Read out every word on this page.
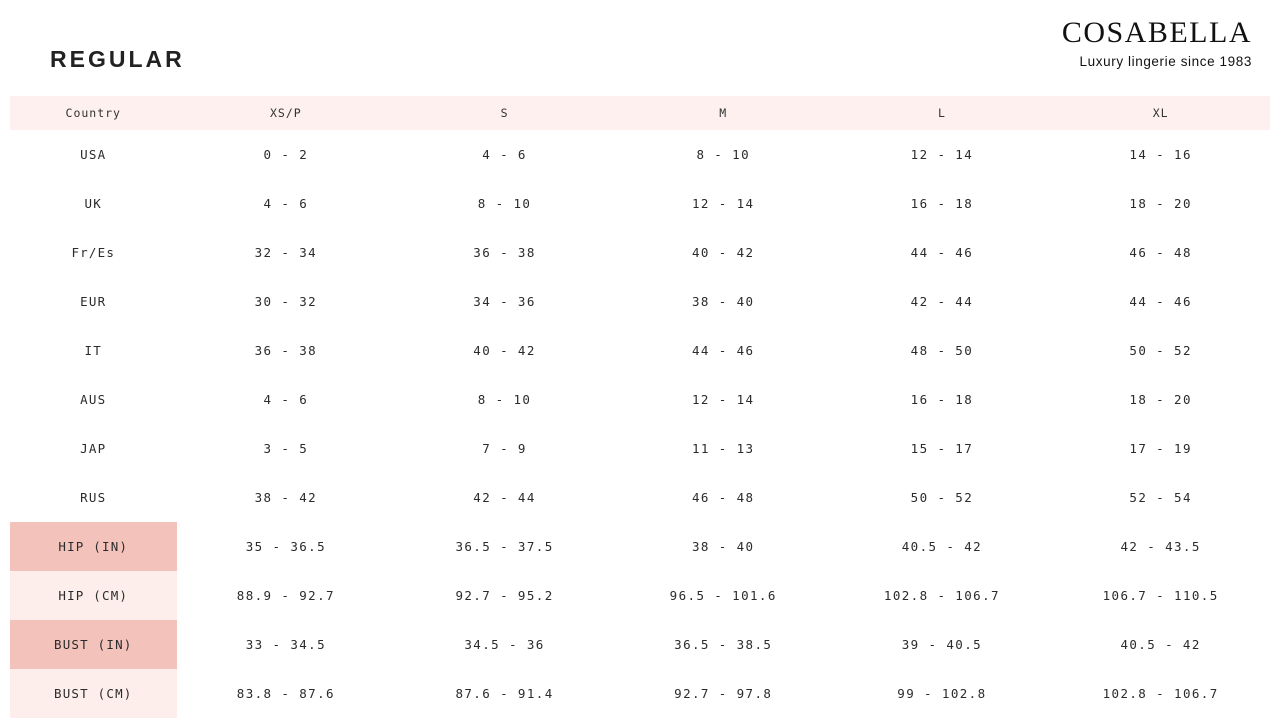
REGULAR
COSABELLA
Luxury lingerie since 1983
Country	XS/P	S	M	L	XL
USA	0 - 2	4 - 6	8 - 10	12 - 14	14 - 16
UK	4 - 6	8 - 10	12 - 14	16 - 18	18 - 20
Fr/Es	32 - 34	36 - 38	40 - 42	44 - 46	46 - 48
EUR	30 - 32	34 - 36	38 - 40	42 - 44	44 - 46
IT	36 - 38	40 - 42	44 - 46	48 - 50	50 - 52
AUS	4 - 6	8 - 10	12 - 14	16 - 18	18 - 20
JAP	3 - 5	7 - 9	11 - 13	15 - 17	17 - 19
RUS	38 - 42	42 - 44	46 - 48	50 - 52	52 - 54
HIP (IN)	35 - 36.5	36.5 - 37.5	38 - 40	40.5 - 42	42 - 43.5
HIP (CM)	88.9 - 92.7	92.7 - 95.2	96.5 - 101.6	102.8 - 106.7	106.7 - 110.5
BUST (IN)	33 - 34.5	34.5 - 36	36.5 - 38.5	39 - 40.5	40.5 - 42
BUST (CM)	83.8 - 87.6	87.6 - 91.4	92.7 - 97.8	99 - 102.8	102.8 - 106.7
